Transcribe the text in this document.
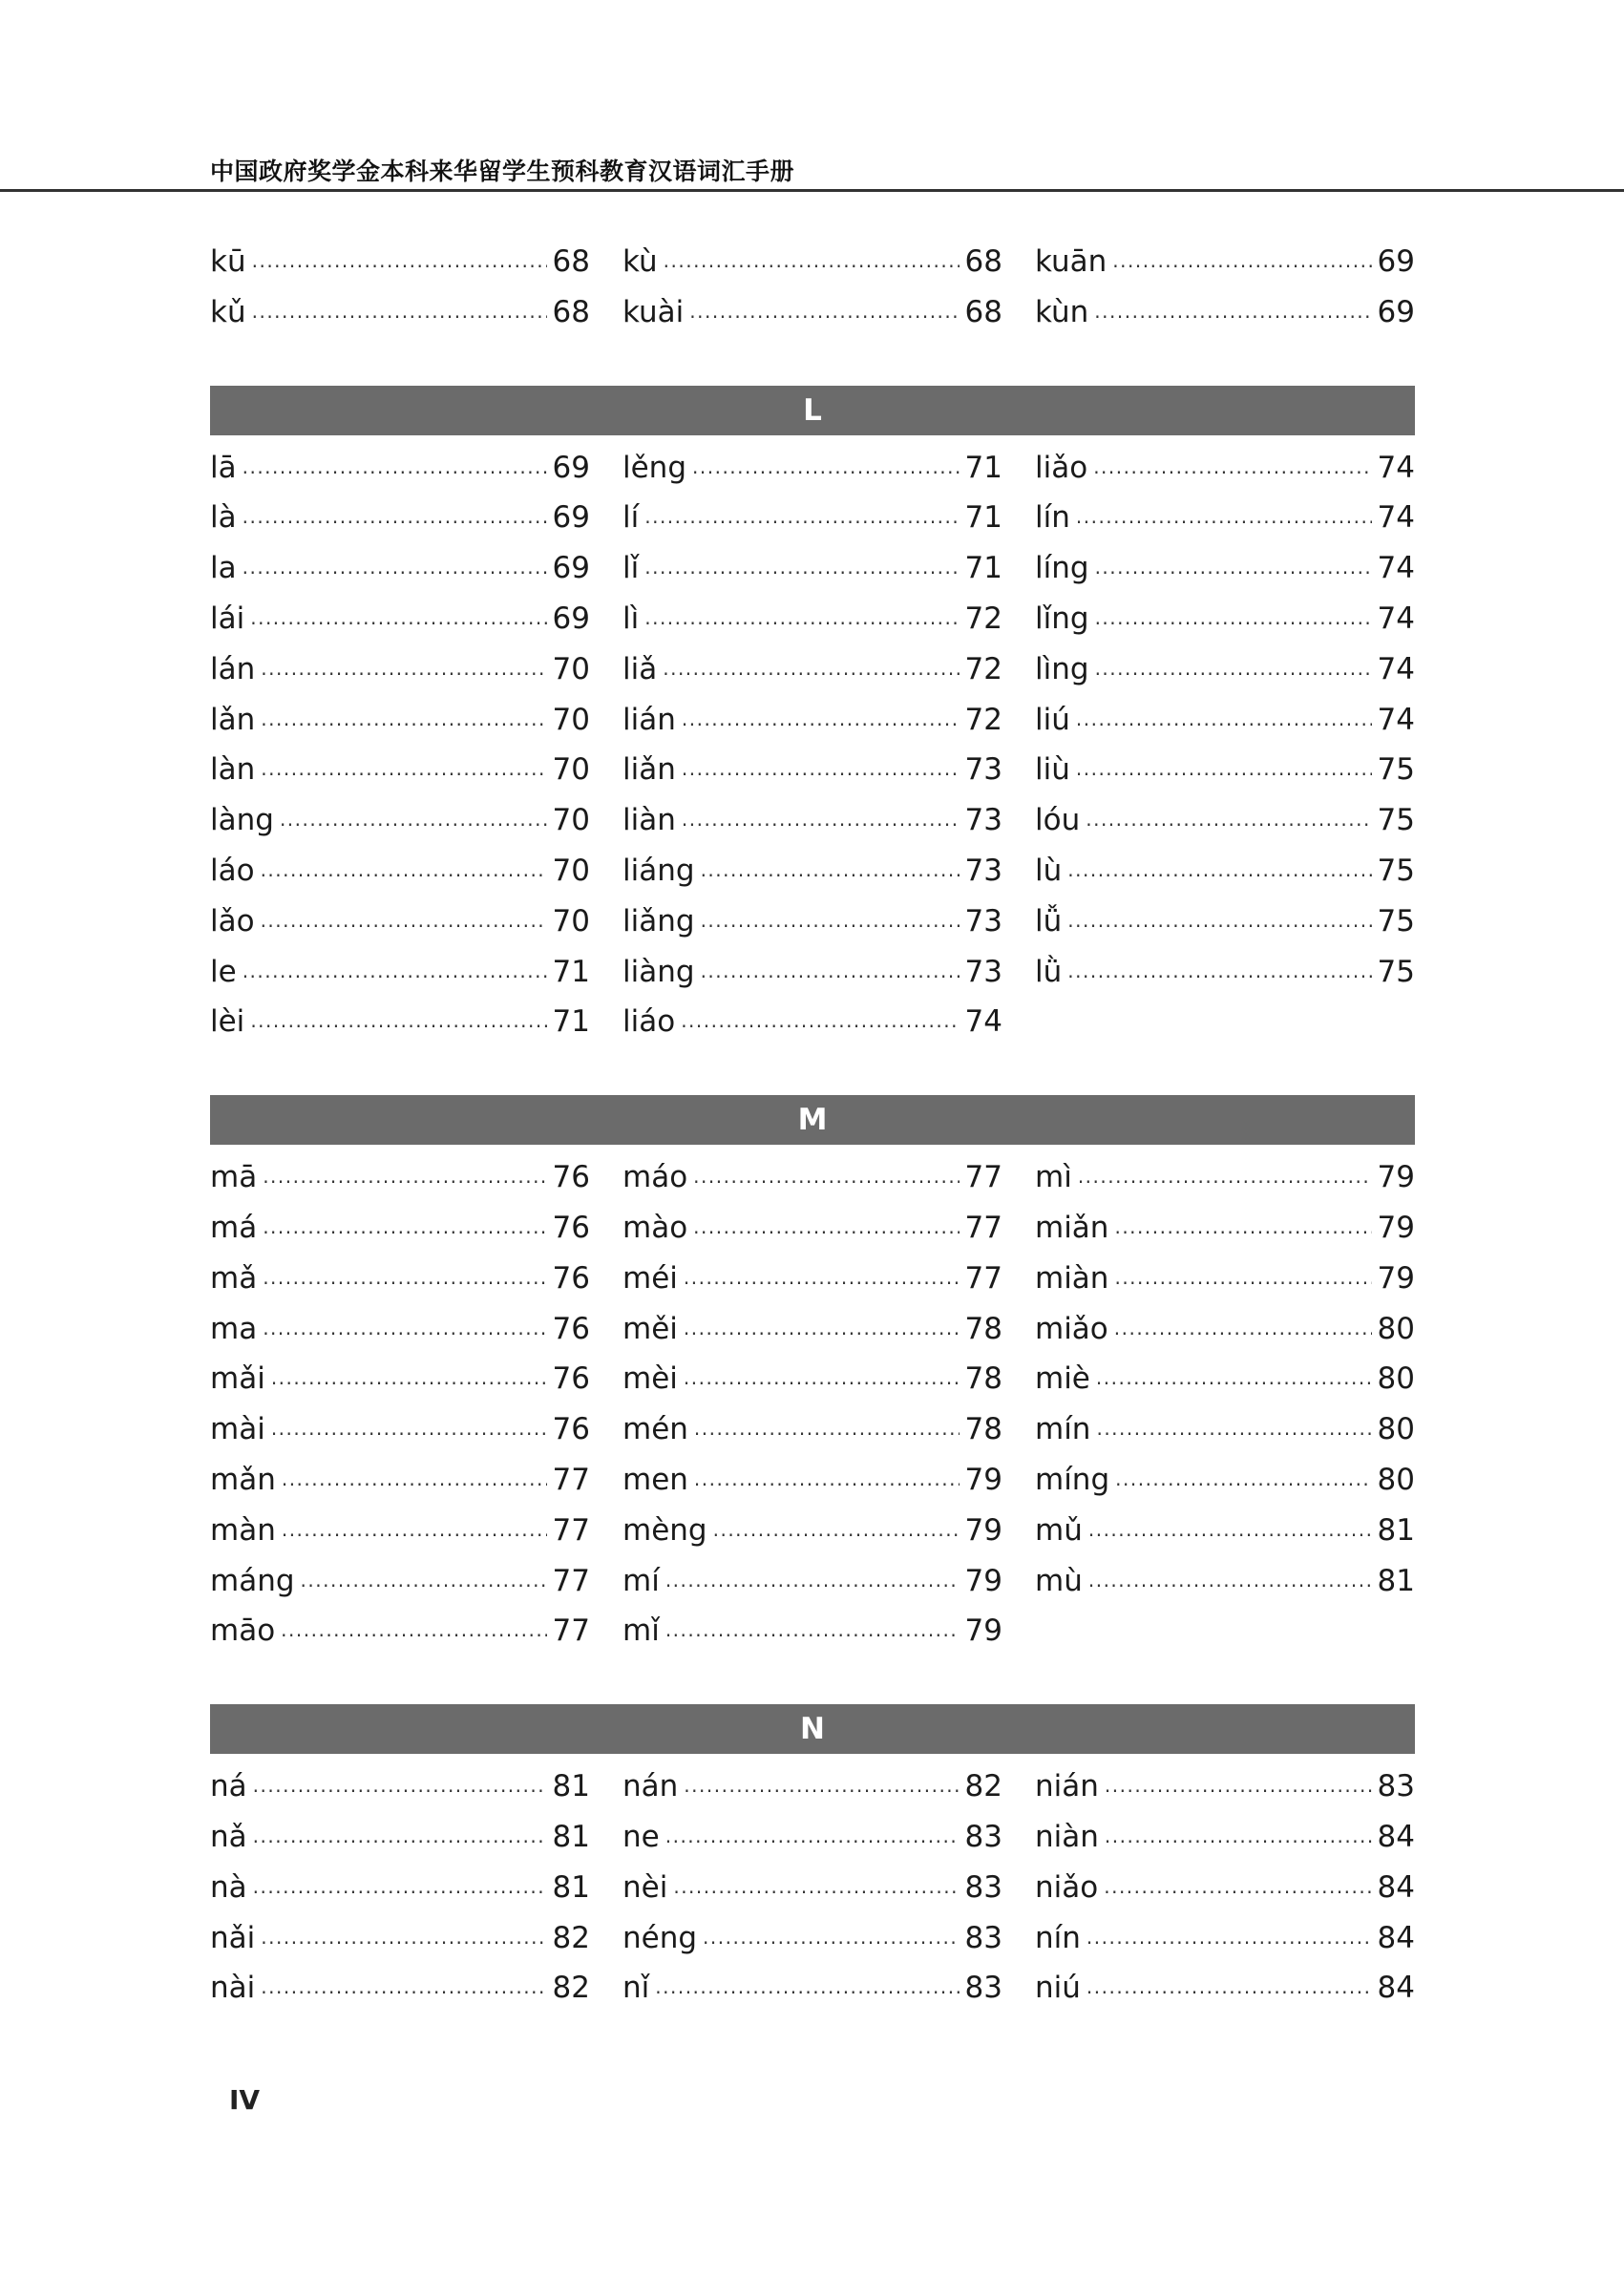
中国政府奖学金本科来华留学生预科教育汉语词汇手册
kū .....	68
kǔ .....	68
kù .....	68
kuài .....	68
kuān .....	69
kùn .....	69
L
lā .....	69
là .....	69
la .....	69
lái .....	69
lán .....	70
lǎn .....	70
làn .....	70
làng .....	70
láo .....	70
lǎo .....	70
le .....	71
lèi .....	71
lěng .....	71
lí .....	71
lǐ .....	71
lì .....	72
liǎ .....	72
lián .....	72
liǎn .....	73
liàn .....	73
liáng .....	73
liǎng .....	73
liàng .....	73
liáo .....	74
liǎo .....	74
lín .....	74
líng .....	74
lǐng .....	74
lìng .....	74
liú .....	74
liù .....	75
lóu .....	75
lù .....	75
lǚ .....	75
lǜ .....	75
M
mā .....	76
má .....	76
mǎ .....	76
ma .....	76
mǎi .....	76
mài .....	76
mǎn .....	77
màn .....	77
máng .....	77
māo .....	77
máo .....	77
mào .....	77
méi .....	77
měi .....	78
mèi .....	78
mén .....	78
men .....	79
mèng .....	79
mí .....	79
mǐ .....	79
mì .....	79
miǎn .....	79
miàn .....	79
miǎo .....	80
miè .....	80
mín .....	80
míng .....	80
mǔ .....	81
mù .....	81
N
ná .....	81
nǎ .....	81
nà .....	81
nǎi .....	82
nài .....	82
nán .....	82
ne .....	83
nèi .....	83
néng .....	83
nǐ .....	83
nián .....	83
niàn .....	84
niǎo .....	84
nín .....	84
niú .....	84
IV
